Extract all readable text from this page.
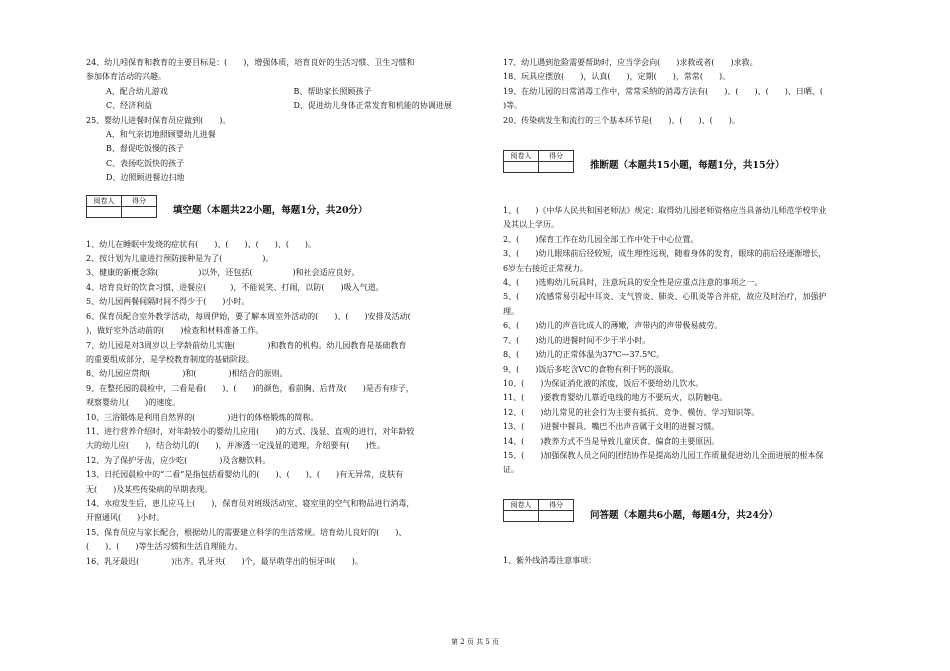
24、幼儿吲保育和教育的主要目标是：(　　)，增强体质，培育良好的生活习惯、卫生习惯和
参加体育活动的兴趣。
A、配合幼儿游戏	B、帮助家长照顾孩子
C、经济利益	D、促进幼儿身体正常发育和机能的协调进展
25、婴幼儿进餐时保育员应做到(　　)。
A、和气亲切地照顾婴幼儿进餐
B、督促吃饭慢的孩子
C、表扬吃饭快的孩子
D、边照顾进餐边扫地
阅卷人	得分

填空题（本题共22小题，每题1分，共20分）
1、幼儿在睡眠中发烧的症状有(　　)、(　　)、(　　)、(　　)。
2、按计划为儿童进行预防接种是为了(　　　　　)。
3、健康的新概念除(　　　　　)以外，还包括(　　　　　)和社会适应良好。
4、培育良好的饮食习惯，进餐应(　　　)，不能说笑、打闹，以防(　　)吸入气道。
5、幼儿园两餐间隔时间不得少于(　　)小时。
6、保育员配合室外教学活动，每周伊始，要了解本周室外活动的(　　)、(　　)安排及活动(
)，做好室外活动前的(　　)检查和材料准备工作。
7、幼儿园是对3周岁以上学龄前幼儿实施(　　　　)和教育的机构。幼儿园教育是基础教育
的重要组成部分，是学校教育制度的基础阶段。
8、幼儿园应贯彻(　　　　)和(　　　　)相结合的原则。
9、在整托园的晨检中，二看是看(　　)、(　　)的颜色，看前胸、后背及(　　)是否有疹子，
观察婴幼儿(　　)的速度。
10、三浴锻炼是利用自然界的(　　　　)进行的体格锻炼的简称。
11、进行营养介绍时，对年龄较小的婴幼儿应用(　　)的方式、浅显、直观的进行，对年龄较
大的幼儿应(　　)，结合幼儿的(　　)，并渗透一定浅显的道理，介绍要有(　　)性。
12、为了保护牙齿，应少吃(　　　　)及含糖饮料。
13、日托园晨检中的“二看”是指包括看婴幼儿的(　　)、(　　)、(　　)有无异常，皮肤有
无(　　)及某些传染病的早期表现。
14、水痘发生后，患儿应马上(　　)，保育员对班级活动室、寝室里的空气和物品进行消毒，
开窗通风(　　)小时。
15、保育员应与家长配合，根据幼儿的需要建立科学的生活常规。培育幼儿良好的(　　)、
(　　)、(　　)等生活习惯和生活自理能力。
16、乳牙最迟(　　　　)出齐。乳牙共(　　)个，最早萌芽出的恒牙叫(　　)。
17、幼儿遇到危险需要帮助时，应当学会向(　　)求救或者(　　)求救。
18、玩具应摆放(　　)，认真(　　)，定期(　　)，常常(　　)。
19、在幼儿园的日常消毒工作中，常常采纳的消毒方法有(　　)、(　　)、(　　)、日晒、(
)等。
20、传染病发生和流行的三个基本环节是(　　)、(　　)、(　　)。
阅卷人	得分

推断题（本题共15小题，每题1分，共15分）
1、(　　)《中华人民共和国老师法》规定：取得幼儿园老师资格应当具备幼儿师范学校毕业
及其以上学历。
2、(　　)保育工作在幼儿园全部工作中处于中心位置。
3、(　　)幼儿眼球前后径较短，成生理性远视，随着身体的发育，眼球的前后径逐渐增长，
6岁左右接近正常视力。
4、(　　)选购幼儿玩具时，注意玩具的安全性是应重点注意的事项之一。
5、(　　)流感常易引起中耳炎、支气管炎、肺炎、心肌炎等合并症，故应及时治疗，加强护
理。
6、(　　)幼儿的声音比成人的薄嫩，声带内的声带极易疲劳。
7、(　　)幼儿的进餐时间不少于半小时。
8、(　　)幼儿的正常体温为37℃—37.5℃。
9、(　　)饭后多吃含VC的食物有利于钙的汲取。
10、(　　)为保证消化液的浓度，饭后不要给幼儿饮水。
11、(　　)要教育婴幼儿靠近电线的地方不要玩火，以防触电。
12、(　　)幼儿常见的社会行为主要有抵抗、竞争、模仿、学习知识等。
13、(　　)进餐中餐具、嘴巴不出声音属于文明的进餐习惯。
14、(　　)教养方式不当是导致儿童厌食、偏食的主要原因。
15、(　　)加强保教人员之间的团结协作是提高幼儿园工作质量促进幼儿全面进展的根本保
证。
阅卷人	得分

问答题（本题共6小题，每题4分，共24分）
1、紫外线消毒注意事项：
第 2 页 共 5 页
